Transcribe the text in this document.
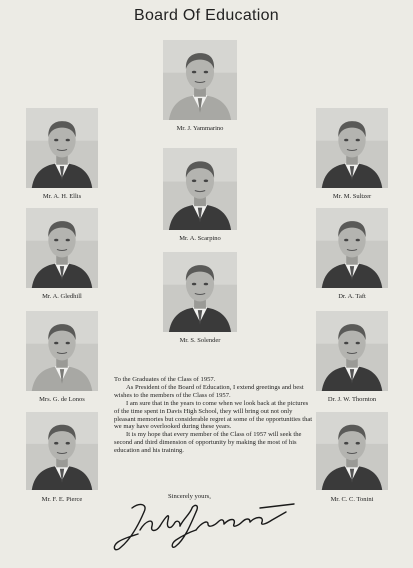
Board Of Education
Mr. J. Yammarino
Mr. A. H. Ellis
Mr. A. Scarpino
Mr. M. Sultzer
Mr. A. Gledhill
Mr. S. Solender
Dr. A. Taft
Mrs. G. de Lonos	Dr. J. W. Thornton
Mr. F. E. Pierce	Mr. C. C. Tonini

To the Graduates of the Class of 1957.

As President of the Board of Education, I extend greetings and best wishes to the members of the Class of 1957.

I am sure that in the years to come when we look back at the pictures of the time spent in Davis High School, they will bring out not only pleasant memories but considerable regret at some of the opportunities that we may have overlooked during these years.

It is my hope that every member of the Class of 1957 will seek the second and third dimension of opportunity by making the most of his education and his training.

Sincerely yours,
